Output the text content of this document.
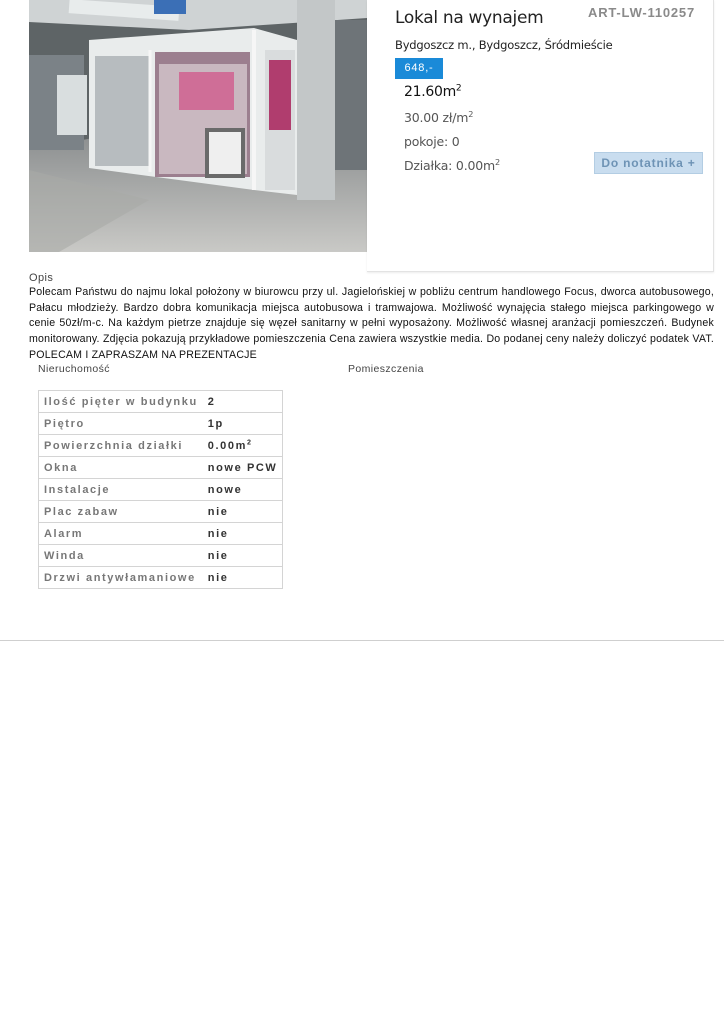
Lokal na wynajem	ART-LW-110257
Bydgoszcz m., Bydgoszcz, Śródmieście
648,-
$21.60m^2$
30.00 $zł/m^2$
pokoje: 0
Działka: $0.00m^2$	Do notatnika +
Opis

Polecam Państwu do najmu lokal położony w biurowcu przy ul. Jagielońskiej w pobliżu centrum handlowego Focus, dworca autobusowego, Pałacu młodzieży. Bardzo dobra komunikacja miejsca autobusowa i tramwajowa. Możliwość wynajęcia stałego miejsca parkingowego w cenie 50zł/m-c. Na każdym pietrze znajduje się węzeł sanitarny w pełni wyposażony. Możliwość własnej aranżacji pomieszczeń. Budynek monitorowany. Zdjęcia pokazują przykładowe pomieszczenia Cena zawiera wszystkie media. Do podanej ceny należy doliczyć podatek VAT. POLECAM I ZAPRASZAM NA PREZENTACJE

Nieruchomość	Pomieszczenia
Ilość pięter w budynku	2
Piętro	1p
Powierzchnia działki	$0.00m^2$
Okna	nowe PCW
Instalacje	nowe
Plac zabaw	nie
Alarm	nie
Winda	nie
Drzwi antywłamaniowe	nie
